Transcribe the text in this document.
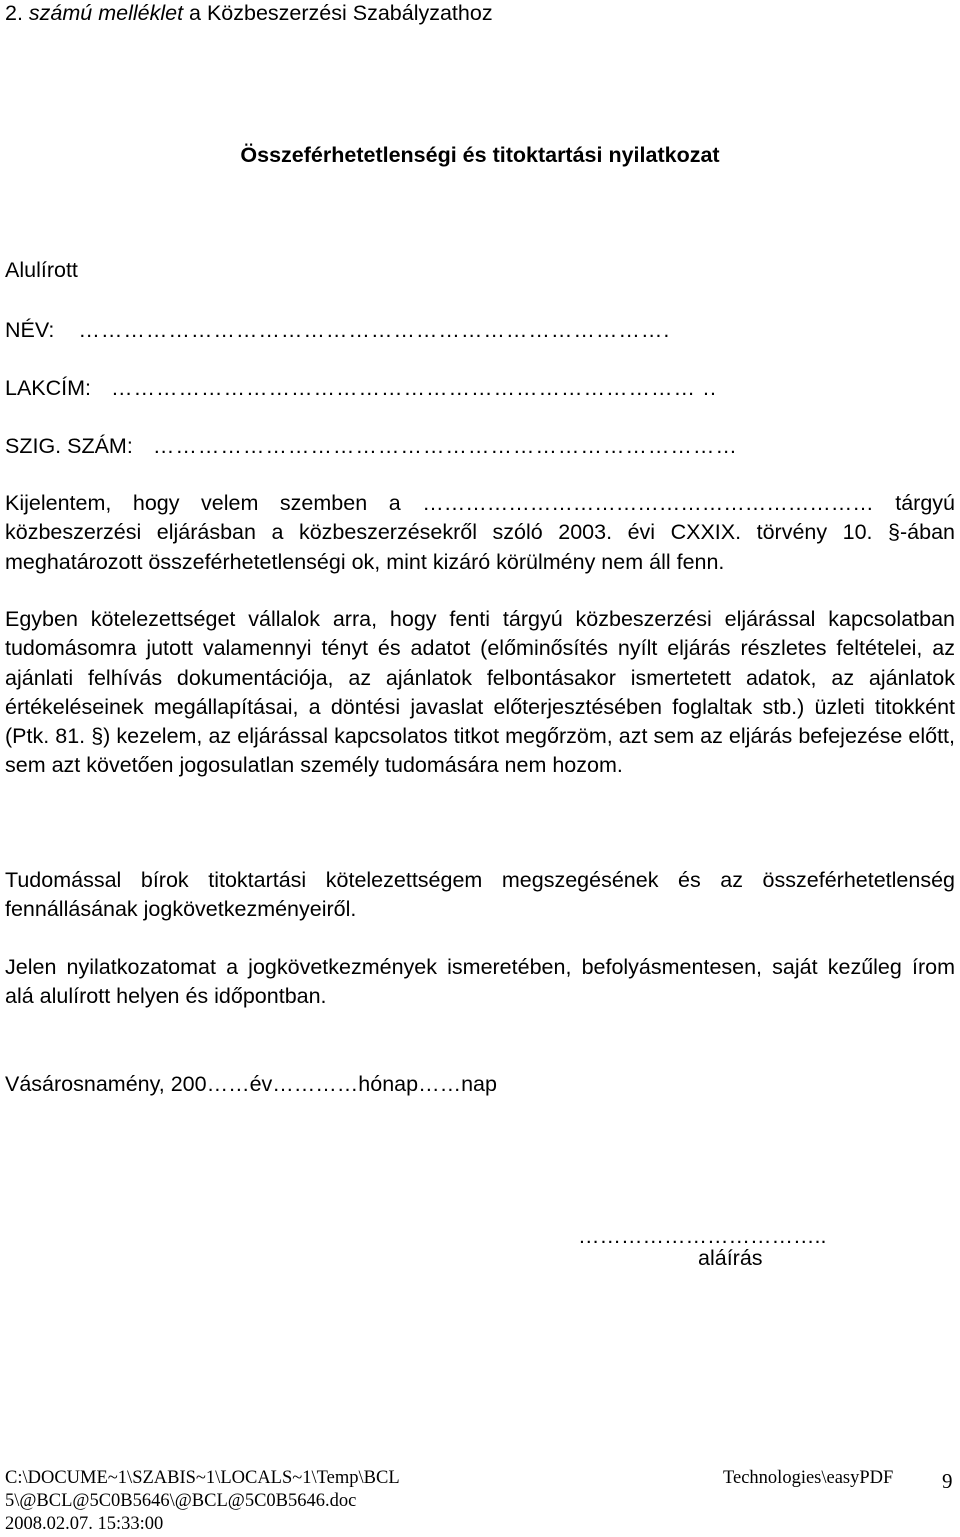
2. számú melléklet a Közbeszerzési Szabályzathoz
Összeférhetetlenségi és titoktartási nyilatkozat
Alulírott
NÉV: …………………………………………………………………….
LAKCÍM: …………………………………………………………………… ..
SZIG. SZÁM: ……………………………………………………………………
Kijelentem, hogy velem szemben a ……………………………………………………… tárgyú közbeszerzési eljárásban a közbeszerzésekről szóló 2003. évi CXXIX. törvény 10. §-ában meghatározott összeférhetetlenségi ok, mint kizáró körülmény nem áll fenn.
Egyben kötelezettséget vállalok arra, hogy fenti tárgyú közbeszerzési eljárással kapcsolatban tudomásomra jutott valamennyi tényt és adatot (előminősítés nyílt eljárás részletes feltételei, az ajánlati felhívás dokumentációja, az ajánlatok felbontásakor ismertetett adatok, az ajánlatok értékeléseinek megállapításai, a döntési javaslat előterjesztésében foglaltak stb.) üzleti titokként (Ptk. 81. §) kezelem, az eljárással kapcsolatos titkot megőrzöm, azt sem az eljárás befejezése előtt, sem azt követően jogosulatlan személy tudomására nem hozom.
Tudomással bírok titoktartási kötelezettségem megszegésének és az összeférhetetlenség fennállásának jogkövetkezményeiről.
Jelen nyilatkozatomat a jogkövetkezmények ismeretében, befolyásmentesen, saját kezűleg írom alá alulírott helyen és időpontban.
Vásárosnamény, 200……év…………hónap……nap
……………………………..
aláírás
C:\DOCUME~1\SZABIS~1\LOCALS~1\Temp\BCL
5\@BCL@5C0B5646\@BCL@5C0B5646.doc
2008.02.07. 15:33:00
Technologies\easyPDF 9
